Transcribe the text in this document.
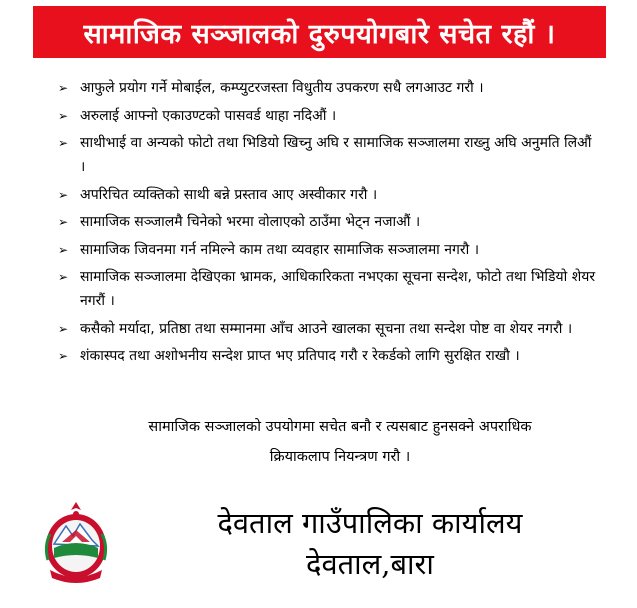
सामाजिक सञ्जालको दुरुपयोगबारे सचेत रहौं ।
➢ आफुले प्रयोग गर्ने मोबाईल, कम्प्युटरजस्ता विधुतीय उपकरण सधै लगआउट गरौ ।
➢ अरुलाई आफ्नो एकाउण्टको पासवर्ड थाहा नदिऔं ।
➢ साथीभाई वा अन्यको फोटो तथा भिडियो खिच्नु अघि र सामाजिक सञ्जालमा राख्नु अघि अनुमति लिऔं ।
➢ अपरिचित व्यक्तिको साथी बन्ने प्रस्ताव आए अस्वीकार गरौ ।
➢ सामाजिक सञ्जालमै चिनेको भरमा वोलाएको ठाउँमा भेट्न नजाऔं ।
➢ सामाजिक जिवनमा गर्न नमिल्ने काम तथा व्यवहार सामाजिक सञ्जालमा नगरौ ।
➢ सामाजिक सञ्जालमा देखिएका भ्रामक, आधिकारिकता नभएका सूचना सन्देश, फोटो तथा भिडियो शेयर नगरौं ।
➢ कसैको मर्यादा, प्रतिष्ठा तथा सम्मानमा आँच आउने खालका सूचना तथा सन्देश पोष्ट वा शेयर नगरौ ।
➢ शंकास्पद तथा अशोभनीय सन्देश प्राप्त भए प्रतिपाद गरौ र रेकर्डको लागि सुरक्षित राखौ ।
सामाजिक सञ्जालको उपयोगमा सचेत बनौ र त्यसबाट हुनसक्ने अपराधिक
क्रियाकलाप नियन्त्रण गरौ ।
देवताल गाउँपालिका कार्यालय
देवताल,बारा
